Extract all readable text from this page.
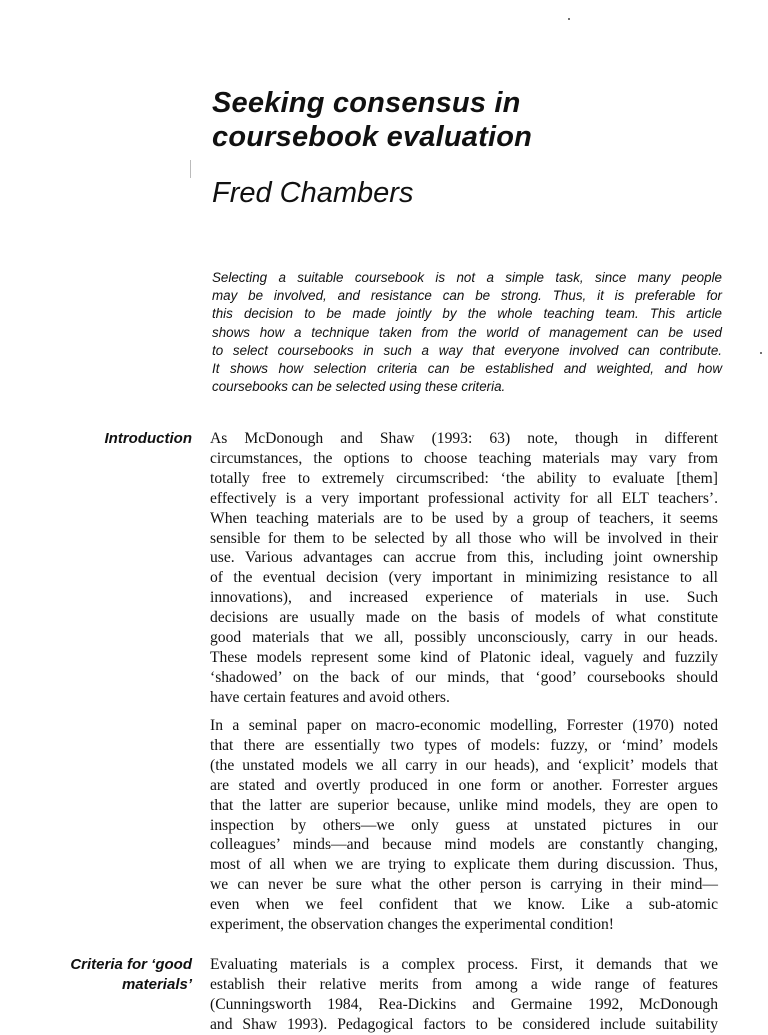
Seeking consensus in
coursebook evaluation
Fred Chambers
Selecting a suitable coursebook is not a simple task, since many people
may be involved, and resistance can be strong. Thus, it is preferable for
this decision to be made jointly by the whole teaching team. This article
shows how a technique taken from the world of management can be used
to select coursebooks in such a way that everyone involved can contribute.
It shows how selection criteria can be established and weighted, and how
coursebooks can be selected using these criteria.
Introduction As McDonough and Shaw (1993: 63) note, though in different
circumstances, the options to choose teaching materials may vary from
totally free to extremely circumscribed: ‘the ability to evaluate [them]
effectively is a very important professional activity for all ELT teachers’.
When teaching materials are to be used by a group of teachers, it seems
sensible for them to be selected by all those who will be involved in their
use. Various advantages can accrue from this, including joint ownership
of the eventual decision (very important in minimizing resistance to all
innovations), and increased experience of materials in use. Such
decisions are usually made on the basis of models of what constitute
good materials that we all, possibly unconsciously, carry in our heads.
These models represent some kind of Platonic ideal, vaguely and fuzzily
‘shadowed’ on the back of our minds, that ‘good’ coursebooks should
have certain features and avoid others.
In a seminal paper on macro-economic modelling, Forrester (1970) noted
that there are essentially two types of models: fuzzy, or ‘mind’ models
(the unstated models we all carry in our heads), and ‘explicit’ models that
are stated and overtly produced in one form or another. Forrester argues
that the latter are superior because, unlike mind models, they are open to
inspection by others—we only guess at unstated pictures in our
colleagues’ minds—and because mind models are constantly changing,
most of all when we are trying to explicate them during discussion. Thus,
we can never be sure what the other person is carrying in their mind—
even when we feel confident that we know. Like a sub-atomic
experiment, the observation changes the experimental condition!
Criteria for ‘good
materials’
Evaluating materials is a complex process. First, it demands that we
establish their relative merits from among a wide range of features
(Cunningsworth 1984, Rea-Dickins and Germaine 1992, McDonough
and Shaw 1993). Pedagogical factors to be considered include suitability
